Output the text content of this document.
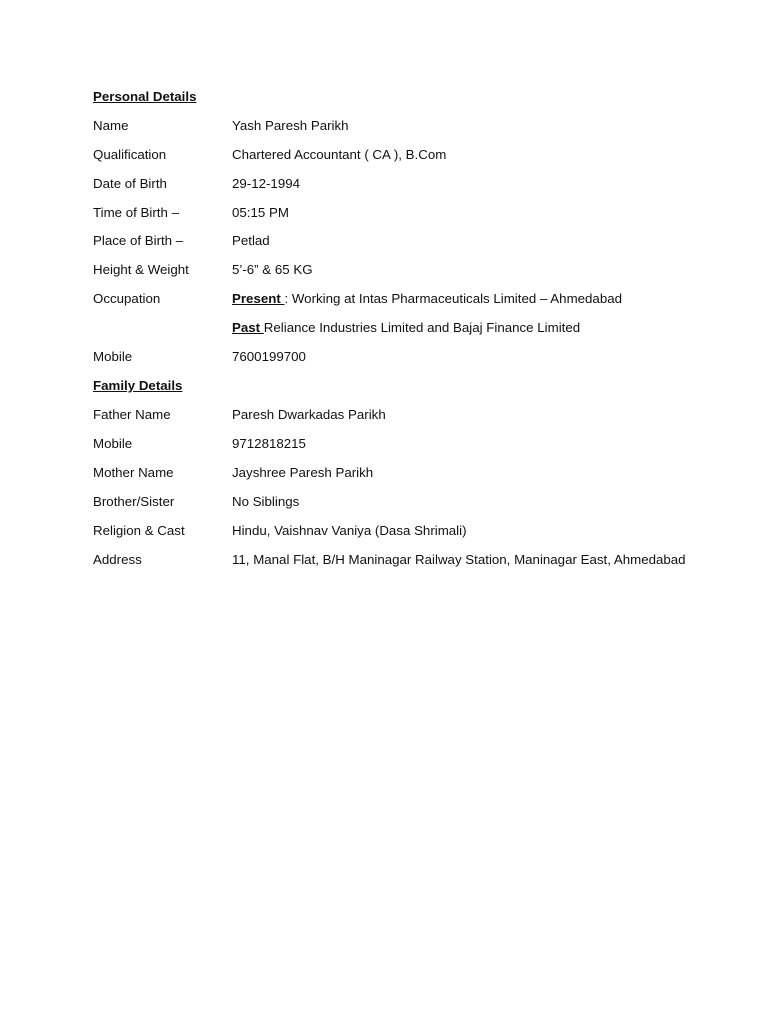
Personal Details
Name	Yash Paresh Parikh
Qualification	Chartered Accountant ( CA ), B.Com
Date of Birth	29-12-1994
Time of Birth –	05:15 PM
Place of Birth –	Petlad
Height & Weight	5’-6” & 65 KG
Occupation	Present : Working at Intas Pharmaceuticals Limited – Ahmedabad
Past Reliance Industries Limited and Bajaj Finance Limited
Mobile	7600199700
Family Details
Father Name	Paresh Dwarkadas Parikh
Mobile	9712818215
Mother Name	Jayshree Paresh Parikh
Brother/Sister	No Siblings
Religion & Cast	Hindu, Vaishnav Vaniya (Dasa Shrimali)
Address	11, Manal Flat, B/H Maninagar Railway Station, Maninagar East, Ahmedabad
